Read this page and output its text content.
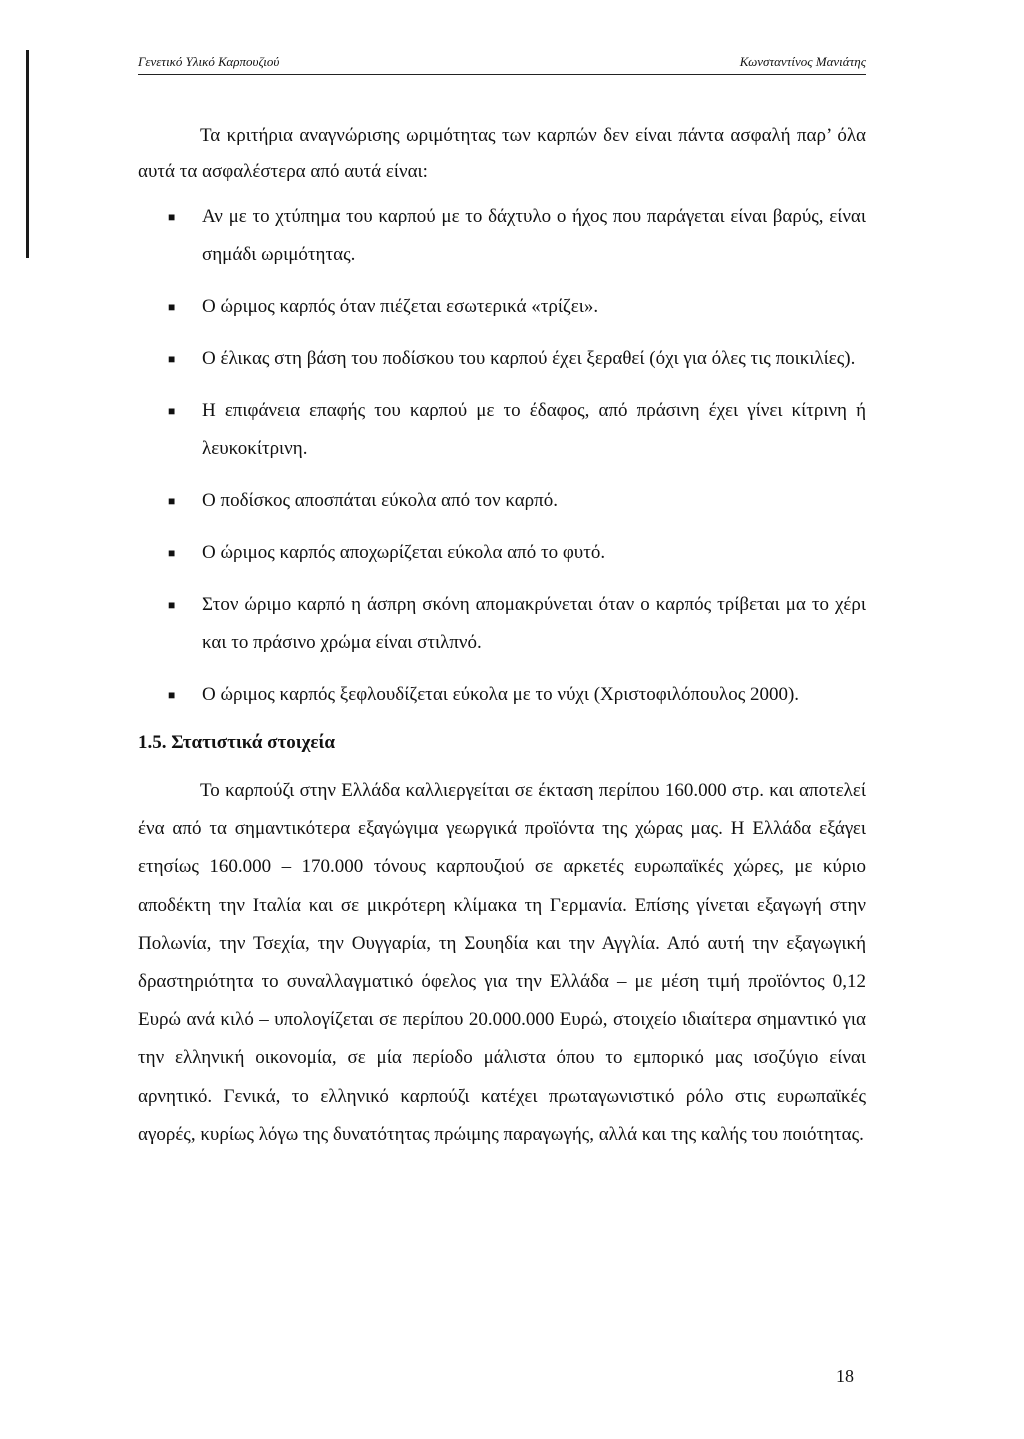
Γενετικό Υλικό Καρπουζιού	Κωνσταντίνος Μανιάτης

Τα κριτήρια αναγνώρισης ωριμότητας των καρπών δεν είναι πάντα ασφαλή παρ’ όλα αυτά τα ασφαλέστερα από αυτά είναι:

■ Αν με το χτύπημα του καρπού με το δάχτυλο ο ήχος που παράγεται είναι βαρύς, είναι σημάδι ωριμότητας.
■ Ο ώριμος καρπός όταν πιέζεται εσωτερικά «τρίζει».
■ Ο έλικας στη βάση του ποδίσκου του καρπού έχει ξεραθεί (όχι για όλες τις ποικιλίες).
■ Η επιφάνεια επαφής του καρπού με το έδαφος, από πράσινη έχει γίνει κίτρινη ή λευκοκίτρινη.
■ Ο ποδίσκος αποσπάται εύκολα από τον καρπό.
■ Ο ώριμος καρπός αποχωρίζεται εύκολα από το φυτό.
■ Στον ώριμο καρπό η άσπρη σκόνη απομακρύνεται όταν ο καρπός τρίβεται μα το χέρι και το πράσινο χρώμα είναι στιλπνό.
■ Ο ώριμος καρπός ξεφλουδίζεται εύκολα με το νύχι (Χριστοφιλόπουλος 2000).

1.5. Στατιστικά στοιχεία

Το καρπούζι στην Ελλάδα καλλιεργείται σε έκταση περίπου 160.000 στρ. και αποτελεί ένα από τα σημαντικότερα εξαγώγιμα γεωργικά προϊόντα της χώρας μας. Η Ελλάδα εξάγει ετησίως 160.000 – 170.000 τόνους καρπουζιού σε αρκετές ευρωπαϊκές χώρες, με κύριο αποδέκτη την Ιταλία και σε μικρότερη κλίμακα τη Γερμανία. Επίσης γίνεται εξαγωγή στην Πολωνία, την Τσεχία, την Ουγγαρία, τη Σουηδία και την Αγγλία. Από αυτή την εξαγωγική δραστηριότητα το συναλλαγματικό όφελος για την Ελλάδα – με μέση τιμή προϊόντος 0,12 Ευρώ ανά κιλό – υπολογίζεται σε περίπου 20.000.000 Ευρώ, στοιχείο ιδιαίτερα σημαντικό για την ελληνική οικονομία, σε μία περίοδο μάλιστα όπου το εμπορικό μας ισοζύγιο είναι αρνητικό. Γενικά, το ελληνικό καρπούζι κατέχει πρωταγωνιστικό ρόλο στις ευρωπαϊκές αγορές, κυρίως λόγω της δυνατότητας πρώιμης παραγωγής, αλλά και της καλής του ποιότητας.

18
